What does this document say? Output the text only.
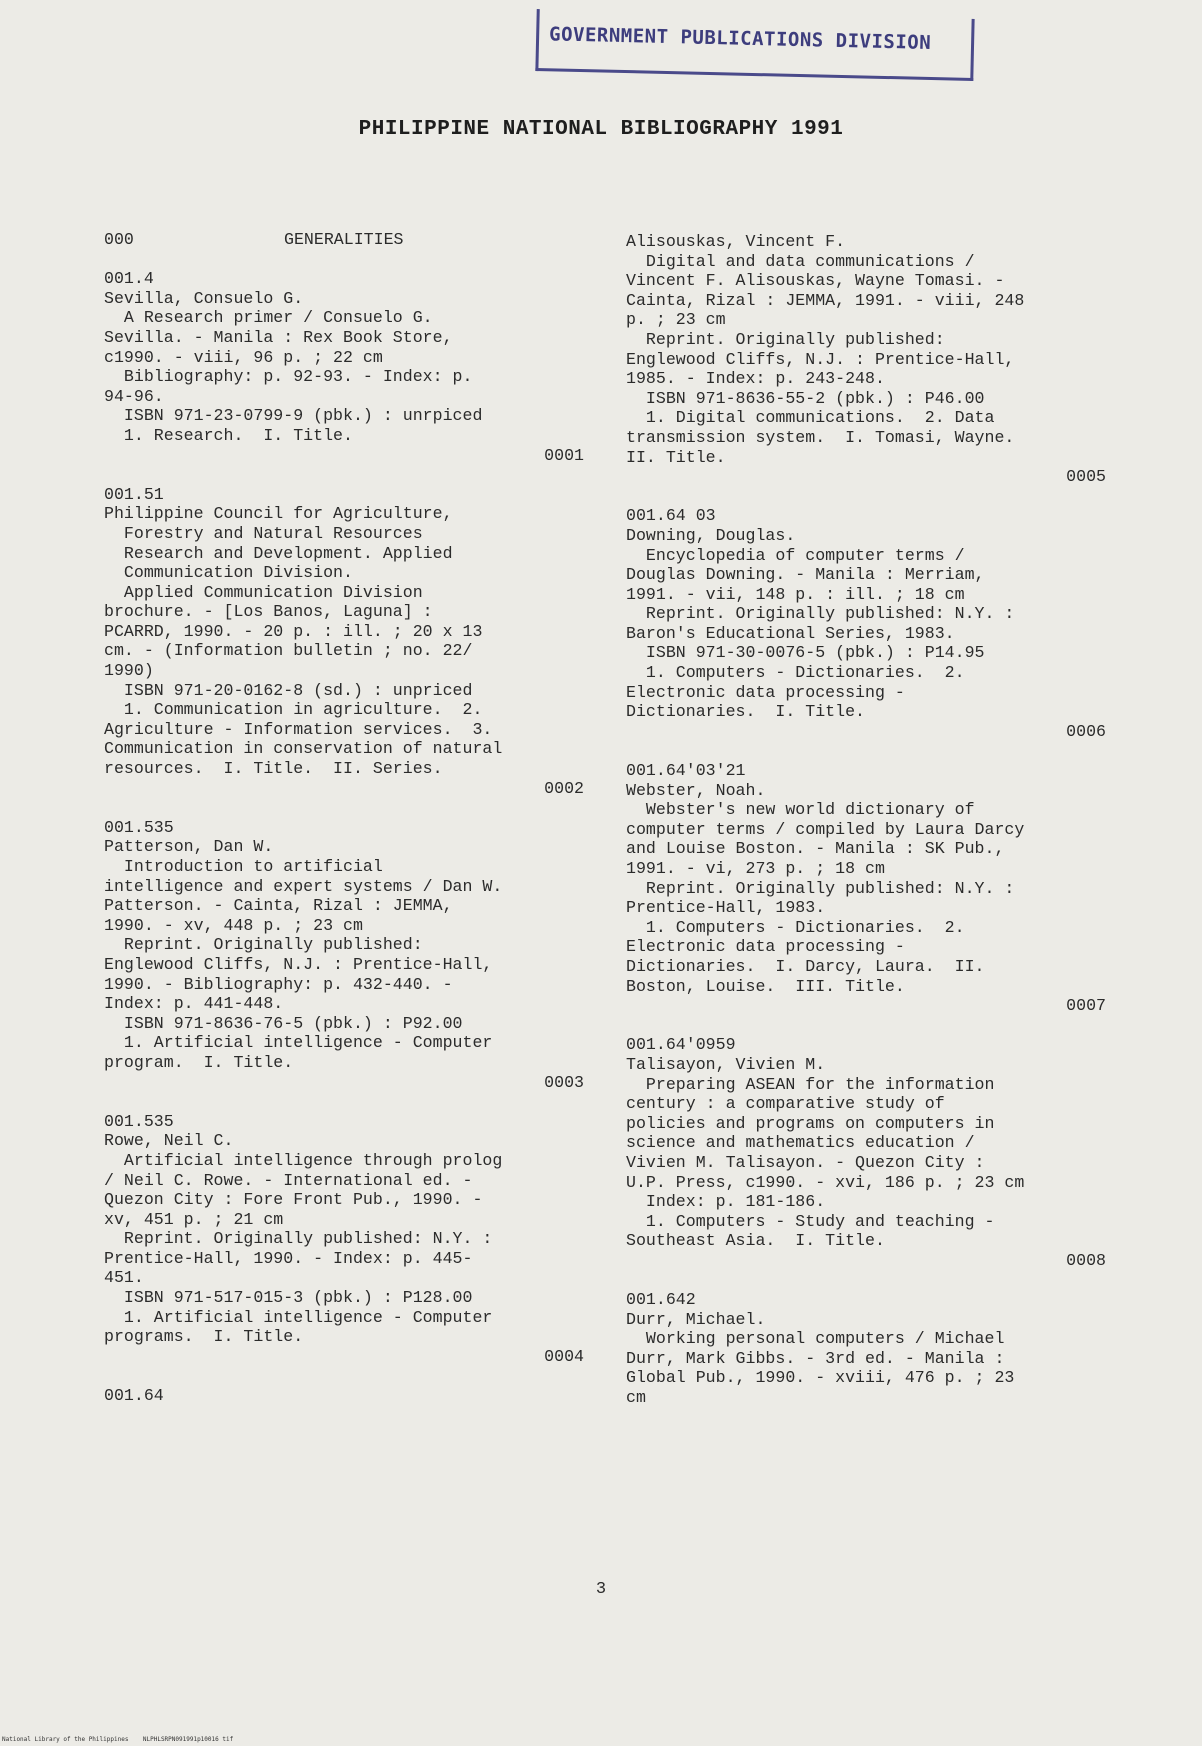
GOVERNMENT PUBLICATIONS DIVISION
PHILIPPINE NATIONAL BIBLIOGRAPHY 1991
000	GENERALITIES
001.4
Sevilla, Consuelo G.
A Research primer / Consuelo G.
Sevilla. - Manila : Rex Book Store,
c1990. - viii, 96 p. ; 22 cm
Bibliography: p. 92-93. - Index: p.
94-96.
ISBN 971-23-0799-9 (pbk.) : unrpiced
1. Research.  I. Title.
0001
001.51
Philippine Council for Agriculture,
Forestry and Natural Resources
Research and Development. Applied
Communication Division.
Applied Communication Division
brochure. - [Los Banos, Laguna] :
PCARRD, 1990. - 20 p. : ill. ; 20 x 13
cm. - (Information bulletin ; no. 22/
1990)
ISBN 971-20-0162-8 (sd.) : unpriced
1. Communication in agriculture.  2.
Agriculture - Information services.  3.
Communication in conservation of natural
resources.  I. Title.  II. Series.
0002
001.535
Patterson, Dan W.
Introduction to artificial
intelligence and expert systems / Dan W.
Patterson. - Cainta, Rizal : JEMMA,
1990. - xv, 448 p. ; 23 cm
Reprint. Originally published:
Englewood Cliffs, N.J. : Prentice-Hall,
1990. - Bibliography: p. 432-440. -
Index: p. 441-448.
ISBN 971-8636-76-5 (pbk.) : P92.00
1. Artificial intelligence - Computer
program.  I. Title.
0003
001.535
Rowe, Neil C.
Artificial intelligence through prolog
/ Neil C. Rowe. - International ed. -
Quezon City : Fore Front Pub., 1990. -
xv, 451 p. ; 21 cm
Reprint. Originally published: N.Y. :
Prentice-Hall, 1990. - Index: p. 445-
451.
ISBN 971-517-015-3 (pbk.) : P128.00
1. Artificial intelligence - Computer
programs.  I. Title.
0004
001.64
Alisouskas, Vincent F.
Digital and data communications /
Vincent F. Alisouskas, Wayne Tomasi. -
Cainta, Rizal : JEMMA, 1991. - viii, 248
p. ; 23 cm
Reprint. Originally published:
Englewood Cliffs, N.J. : Prentice-Hall,
1985. - Index: p. 243-248.
ISBN 971-8636-55-2 (pbk.) : P46.00
1. Digital communications.  2. Data
transmission system.  I. Tomasi, Wayne.
II. Title.
0005
001.64 03
Downing, Douglas.
Encyclopedia of computer terms /
Douglas Downing. - Manila : Merriam,
1991. - vii, 148 p. : ill. ; 18 cm
Reprint. Originally published: N.Y. :
Baron's Educational Series, 1983.
ISBN 971-30-0076-5 (pbk.) : P14.95
1. Computers - Dictionaries.  2.
Electronic data processing -
Dictionaries.  I. Title.
0006
001.64'03'21
Webster, Noah.
Webster's new world dictionary of
computer terms / compiled by Laura Darcy
and Louise Boston. - Manila : SK Pub.,
1991. - vi, 273 p. ; 18 cm
Reprint. Originally published: N.Y. :
Prentice-Hall, 1983.
1. Computers - Dictionaries.  2.
Electronic data processing -
Dictionaries.  I. Darcy, Laura.  II.
Boston, Louise.  III. Title.
0007
001.64'0959
Talisayon, Vivien M.
Preparing ASEAN for the information
century : a comparative study of
policies and programs on computers in
science and mathematics education /
Vivien M. Talisayon. - Quezon City :
U.P. Press, c1990. - xvi, 186 p. ; 23 cm
Index: p. 181-186.
1. Computers - Study and teaching -
Southeast Asia.  I. Title.
0008
001.642
Durr, Michael.
Working personal computers / Michael
Durr, Mark Gibbs. - 3rd ed. - Manila :
Global Pub., 1990. - xviii, 476 p. ; 23
cm
3
National Library of the Philippines    NLPHLSRPN091991p10016 tif
